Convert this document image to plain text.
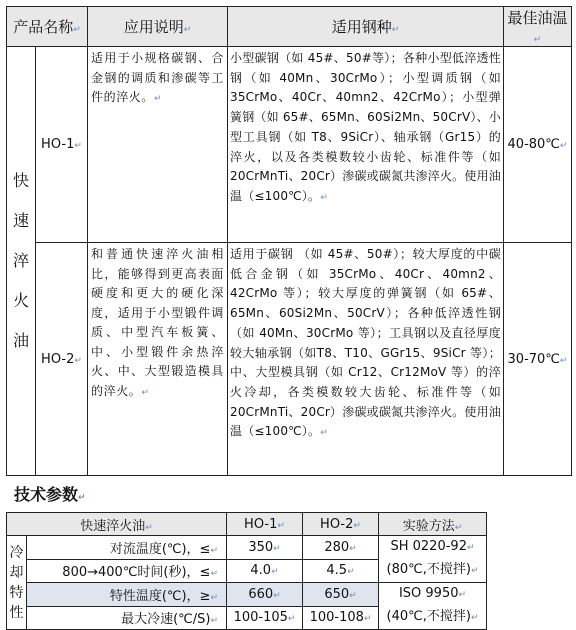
产品名称↵		应用说明↵	适用钢种↵	最佳油温↵

快
速
淬
火
油	HO-1↵	适用于小规格碳钢、合金钢的调质和渗碳等工件的淬火。↵	小型碳钢（如 45#、50#等）；各种小型低淬透性钢（如 40Mn、30CrMo）；小型调质钢（如 35CrMo、40Cr、40mn2、42CrMo）；小型弹簧钢（如 65#、65Mn、60Si2Mn、50CrV）、小型工具钢（如 T8、9SiCr）、轴承钢（Gr15）的淬火，以及各类模数较小齿轮、标准件等（如20CrMnTi、20Cr）渗碳或碳氮共渗淬火。使用油温（≤100℃）。↵	40-80℃↵
	HO-2↵	和普通快速淬火油相比，能够得到更高表面硬度和更大的硬化深度，适用于小型锻件调质、中型汽车板簧、中、小型锻件余热淬火、中、大型锻造模具的淬火。↵	适用于碳钢 （如 45#、50#）；较大厚度的中碳低合金钢（如 35CrMo、40Cr、40mn2、42CrMo 等）；较大厚度的弹簧钢（如 65#、65Mn、60Si2Mn、50CrV）；各种低淬透性钢（如 40Mn、30CrMo 等）；工具钢以及直径厚度较大轴承钢（如T8、T10、GGr15、9SiCr 等）；中、大型模具钢（如 Cr12、Cr12MoV 等）的淬火冷却，各类模数较大齿轮、标准件等（如 20CrMnTi、20Cr）渗碳或碳氮共渗淬火。使用油温（≤100℃）。↵	30-70℃↵
技术参数↵
快速淬火油↵		HO-1↵	HO-2↵	实验方法↵

冷
却
特
性	对流温度(℃)，≤↵	350↵	280↵	SH 0220-92↵
(80℃,不搅拌)↵
	800→400℃时间(秒)，≤↵	4.0↵	4.5↵	
	特性温度(℃)，≥↵	660↵	650↵	ISO 9950↵
(40℃,不搅拌)↵
	最大冷速(℃/S)↵	100-105↵	100-108↵	
